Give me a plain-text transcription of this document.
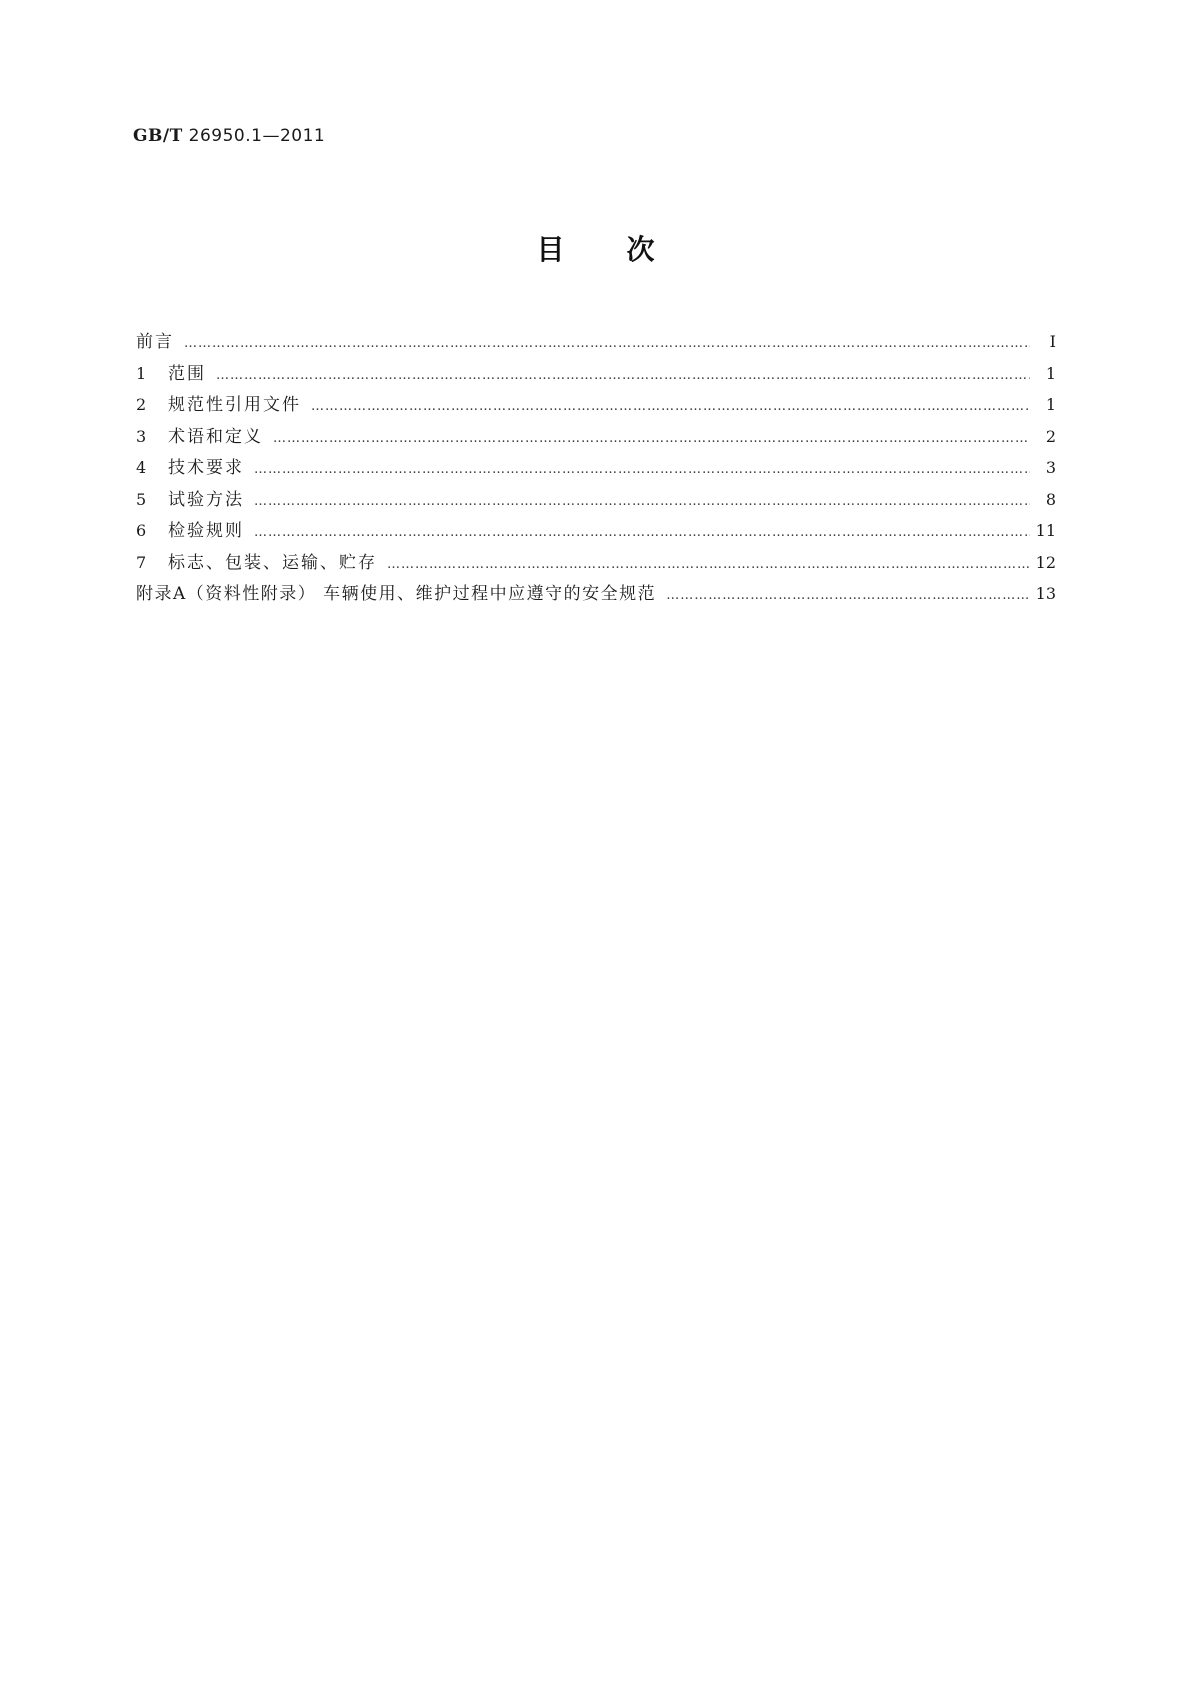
GB/T 26950.1—2011
目次
前言 ……………………………………………………………………………………………………………………………………………………………………………………………………………………	Ⅰ
1	范围 ……………………………………………………………………………………………………………………………………………………………………………………………………………………	1
2	规范性引用文件 ……………………………………………………………………………………………………………………………………………………………………………………………………………………	1
3	术语和定义 ……………………………………………………………………………………………………………………………………………………………………………………………………………………	2
4	技术要求 ……………………………………………………………………………………………………………………………………………………………………………………………………………………	3
5	试验方法 ……………………………………………………………………………………………………………………………………………………………………………………………………………………	8
6	检验规则 ……………………………………………………………………………………………………………………………………………………………………………………………………………………	11
7	标志、包装、运输、贮存 ……………………………………………………………………………………………………………………………………………………………………………………………………………………	12
附录A（资料性附录） 车辆使用、维护过程中应遵守的安全规范 ……………………………………………………………………………………………………………………………………………………………………………………………………………………	13
